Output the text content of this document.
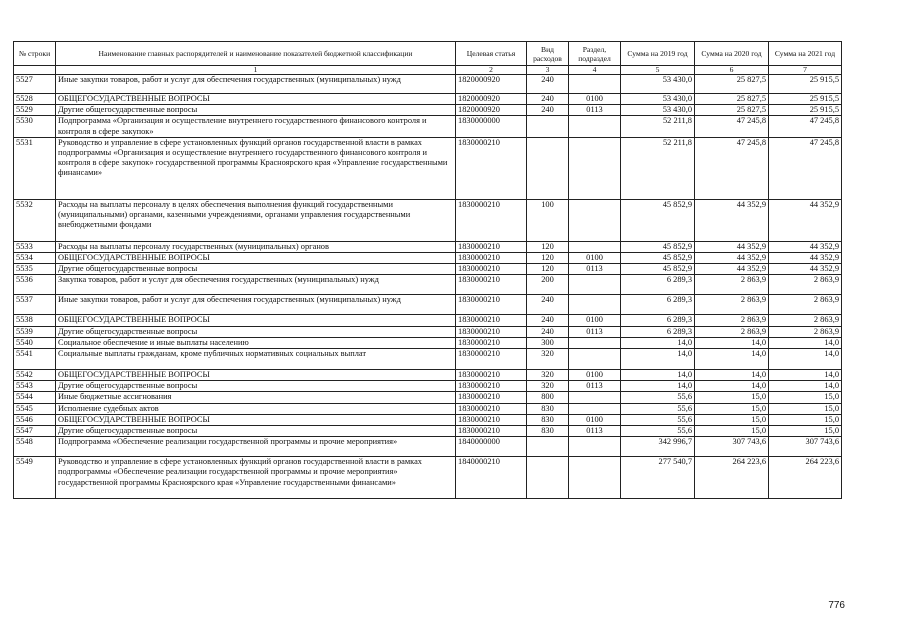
№ строки	Наименование главных распорядителей и наименование показателей бюджетной классификации	Целевая статья	Вид расходов	Раздел, подраздел	Сумма на 2019 год	Сумма на 2020 год	Сумма на 2021 год
	1	2	3	4	5	6	7
5527	Иные закупки товаров, работ и услуг для обеспечения государственных (муниципальных) нужд	1820000920	240		53 430,0	25 827,5	25 915,5
5528	ОБЩЕГОСУДАРСТВЕННЫЕ ВОПРОСЫ	1820000920	240	0100	53 430,0	25 827,5	25 915,5
5529	Другие общегосударственные вопросы	1820000920	240	0113	53 430,0	25 827,5	25 915,5
5530	Подпрограмма «Организация и осуществление внутреннего государственного финансового контроля и контроля в сфере закупок»	1830000000			52 211,8	47 245,8	47 245,8
5531	Руководство и управление в сфере установленных функций органов государственной власти в рамках подпрограммы «Организация и осуществление внутреннего государственного финансового контроля и контроля в сфере закупок» государственной программы Красноярского края «Управление государственными финансами»	1830000210			52 211,8	47 245,8	47 245,8
5532	Расходы на выплаты персоналу в целях обеспечения выполнения функций государственными (муниципальными) органами, казенными учреждениями, органами управления государственными внебюджетными фондами	1830000210	100		45 852,9	44 352,9	44 352,9
5533	Расходы на выплаты персоналу государственных (муниципальных) органов	1830000210	120		45 852,9	44 352,9	44 352,9
5534	ОБЩЕГОСУДАРСТВЕННЫЕ ВОПРОСЫ	1830000210	120	0100	45 852,9	44 352,9	44 352,9
5535	Другие общегосударственные вопросы	1830000210	120	0113	45 852,9	44 352,9	44 352,9
5536	Закупка товаров, работ и услуг для обеспечения государственных (муниципальных) нужд	1830000210	200		6 289,3	2 863,9	2 863,9
5537	Иные закупки товаров, работ и услуг для обеспечения государственных (муниципальных) нужд	1830000210	240		6 289,3	2 863,9	2 863,9
5538	ОБЩЕГОСУДАРСТВЕННЫЕ ВОПРОСЫ	1830000210	240	0100	6 289,3	2 863,9	2 863,9
5539	Другие общегосударственные вопросы	1830000210	240	0113	6 289,3	2 863,9	2 863,9
5540	Социальное обеспечение и иные выплаты населению	1830000210	300		14,0	14,0	14,0
5541	Социальные выплаты гражданам, кроме публичных нормативных социальных выплат	1830000210	320		14,0	14,0	14,0
5542	ОБЩЕГОСУДАРСТВЕННЫЕ ВОПРОСЫ	1830000210	320	0100	14,0	14,0	14,0
5543	Другие общегосударственные вопросы	1830000210	320	0113	14,0	14,0	14,0
5544	Иные бюджетные ассигнования	1830000210	800		55,6	15,0	15,0
5545	Исполнение судебных актов	1830000210	830		55,6	15,0	15,0
5546	ОБЩЕГОСУДАРСТВЕННЫЕ ВОПРОСЫ	1830000210	830	0100	55,6	15,0	15,0
5547	Другие общегосударственные вопросы	1830000210	830	0113	55,6	15,0	15,0
5548	Подпрограмма «Обеспечение реализации государственной программы и прочие мероприятия»	1840000000			342 996,7	307 743,6	307 743,6
5549	Руководство и управление в сфере установленных функций органов государственной власти в рамках подпрограммы «Обеспечение реализации государственной программы и прочие мероприятия» государственной программы Красноярского края «Управление государственными финансами»	1840000210			277 540,7	264 223,6	264 223,6
776
